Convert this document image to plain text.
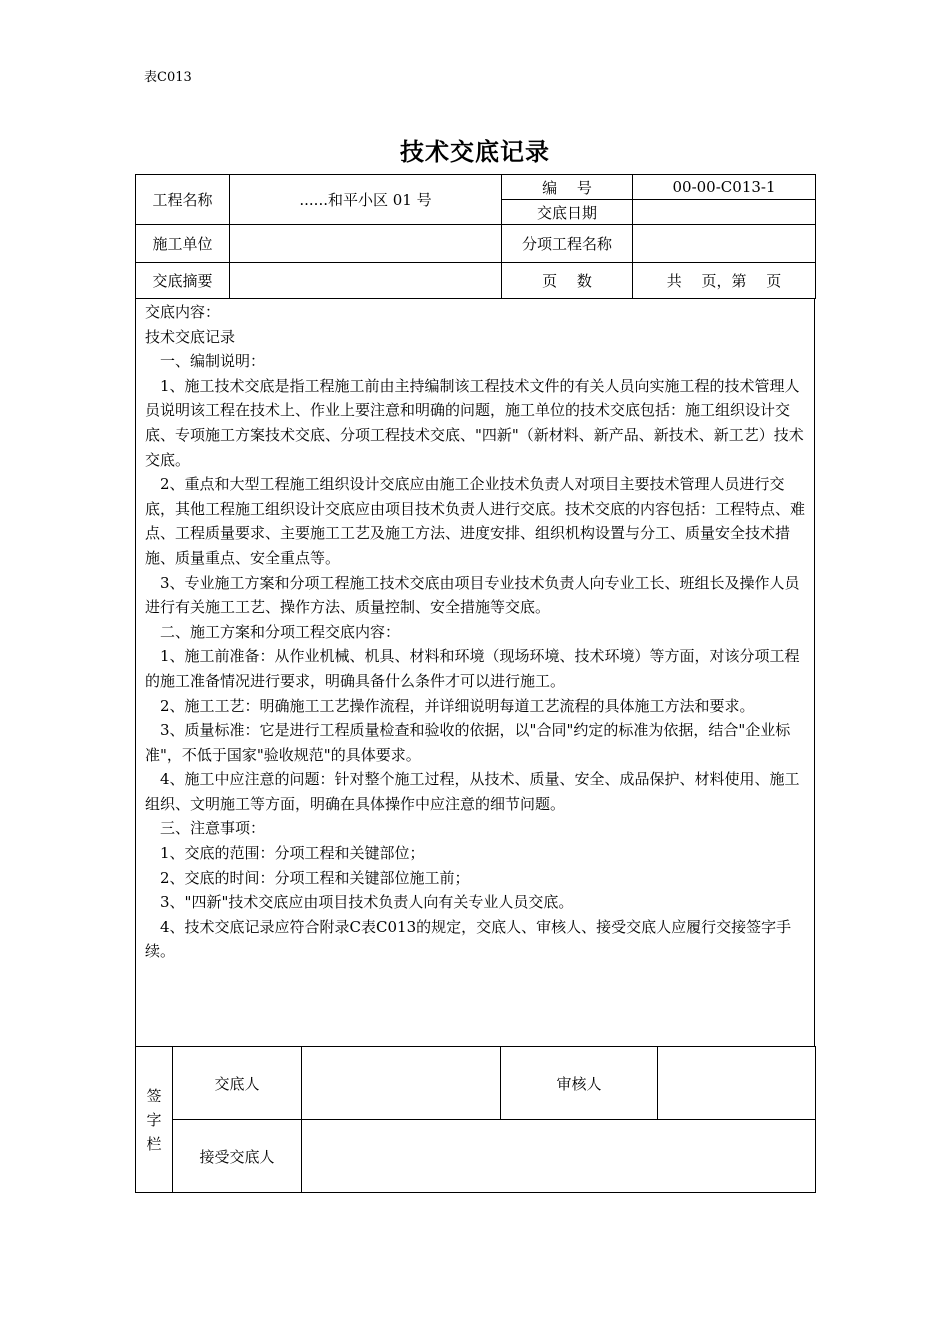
表C013
技术交底记录
工程名称	......和平小区 01 号	编　 号	00-00-C013-1
		交底日期	
施工单位		分项工程名称	
交底摘要		页　 数	共　 页，第　 页

交底内容：

技术交底记录

　一、编制说明：

　1、施工技术交底是指工程施工前由主持编制该工程技术文件的有关人员向实施工程的技术管理人员说明该工程在技术上、作业上要注意和明确的问题，施工单位的技术交底包括：施工组织设计交底、专项施工方案技术交底、分项工程技术交底、"四新"（新材料、新产品、新技术、新工艺）技术交底。

　2、重点和大型工程施工组织设计交底应由施工企业技术负责人对项目主要技术管理人员进行交底，其他工程施工组织设计交底应由项目技术负责人进行交底。技术交底的内容包括：工程特点、难点、工程质量要求、主要施工工艺及施工方法、进度安排、组织机构设置与分工、质量安全技术措施、质量重点、安全重点等。

　3、专业施工方案和分项工程施工技术交底由项目专业技术负责人向专业工长、班组长及操作人员进行有关施工工艺、操作方法、质量控制、安全措施等交底。

　二、施工方案和分项工程交底内容：

　1、施工前准备：从作业机械、机具、材料和环境（现场环境、技术环境）等方面，对该分项工程的施工准备情况进行要求，明确具备什么条件才可以进行施工。

　2、施工工艺：明确施工工艺操作流程，并详细说明每道工艺流程的具体施工方法和要求。

　3、质量标准：它是进行工程质量检查和验收的依据，以"合同"约定的标准为依据，结合"企业标准"，不低于国家"验收规范"的具体要求。

　4、施工中应注意的问题：针对整个施工过程，从技术、质量、安全、成品保护、材料使用、施工组织、文明施工等方面，明确在具体操作中应注意的细节问题。

　三、注意事项：

　1、交底的范围：分项工程和关键部位；

　2、交底的时间：分项工程和关键部位施工前；

　3、"四新"技术交底应由项目技术负责人向有关专业人员交底。

　4、技术交底记录应符合附录C表C013的规定，交底人、审核人、接受交底人应履行交接签字手续。

签
字
栏	交底人		审核人	
	接受交底人			
